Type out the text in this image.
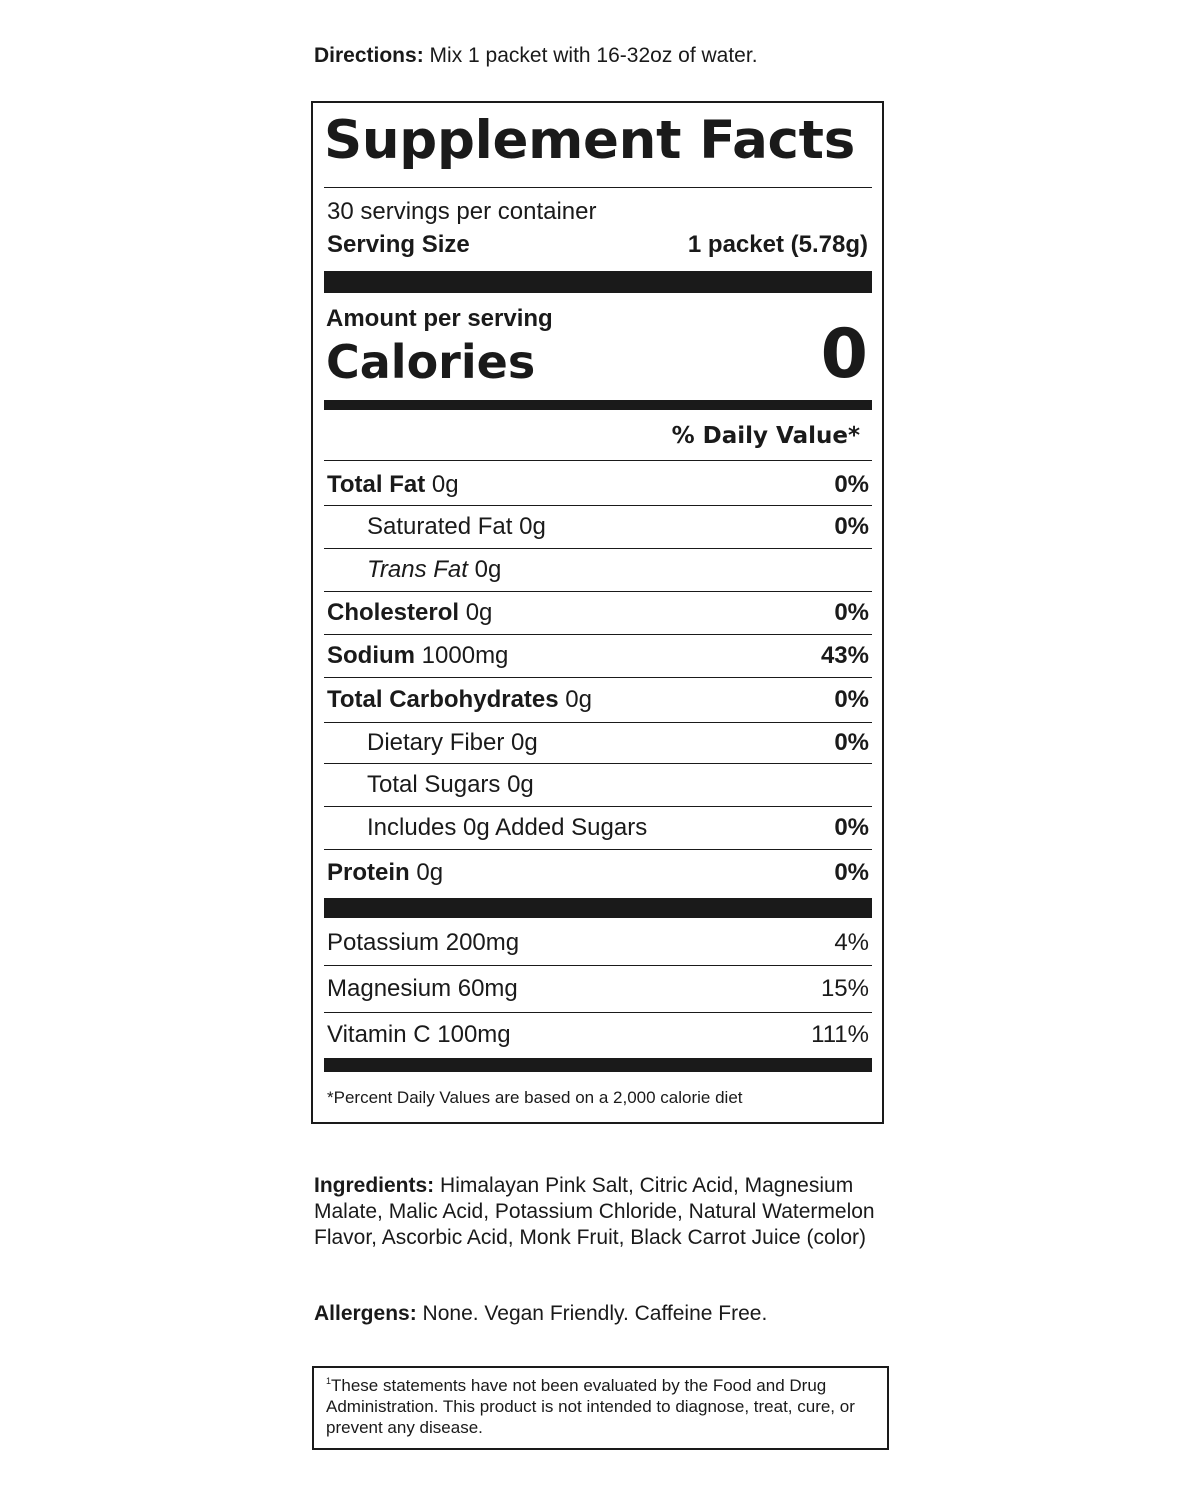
Directions: Mix 1 packet with 16-32oz of water.
Supplement Facts
30 servings per container
Serving Size	1 packet (5.78g)
Amount per serving
Calories	0
% Daily Value*
Total Fat 0g	0%
Saturated Fat 0g	0%
Trans Fat 0g
Cholesterol 0g	0%
Sodium 1000mg	43%
Total Carbohydrates 0g	0%
Dietary Fiber 0g	0%
Total Sugars 0g
Includes 0g Added Sugars	0%
Protein 0g	0%
Potassium 200mg	4%
Magnesium 60mg	15%
Vitamin C 100mg	111%
*Percent Daily Values are based on a 2,000 calorie diet
Ingredients: Himalayan Pink Salt, Citric Acid, Magnesium Malate, Malic Acid, Potassium Chloride, Natural Watermelon Flavor, Ascorbic Acid, Monk Fruit, Black Carrot Juice (color)
Allergens: None. Vegan Friendly. Caffeine Free.
$^1$These statements have not been evaluated by the Food and Drug Administration. This product is not intended to diagnose, treat, cure, or prevent any disease.
